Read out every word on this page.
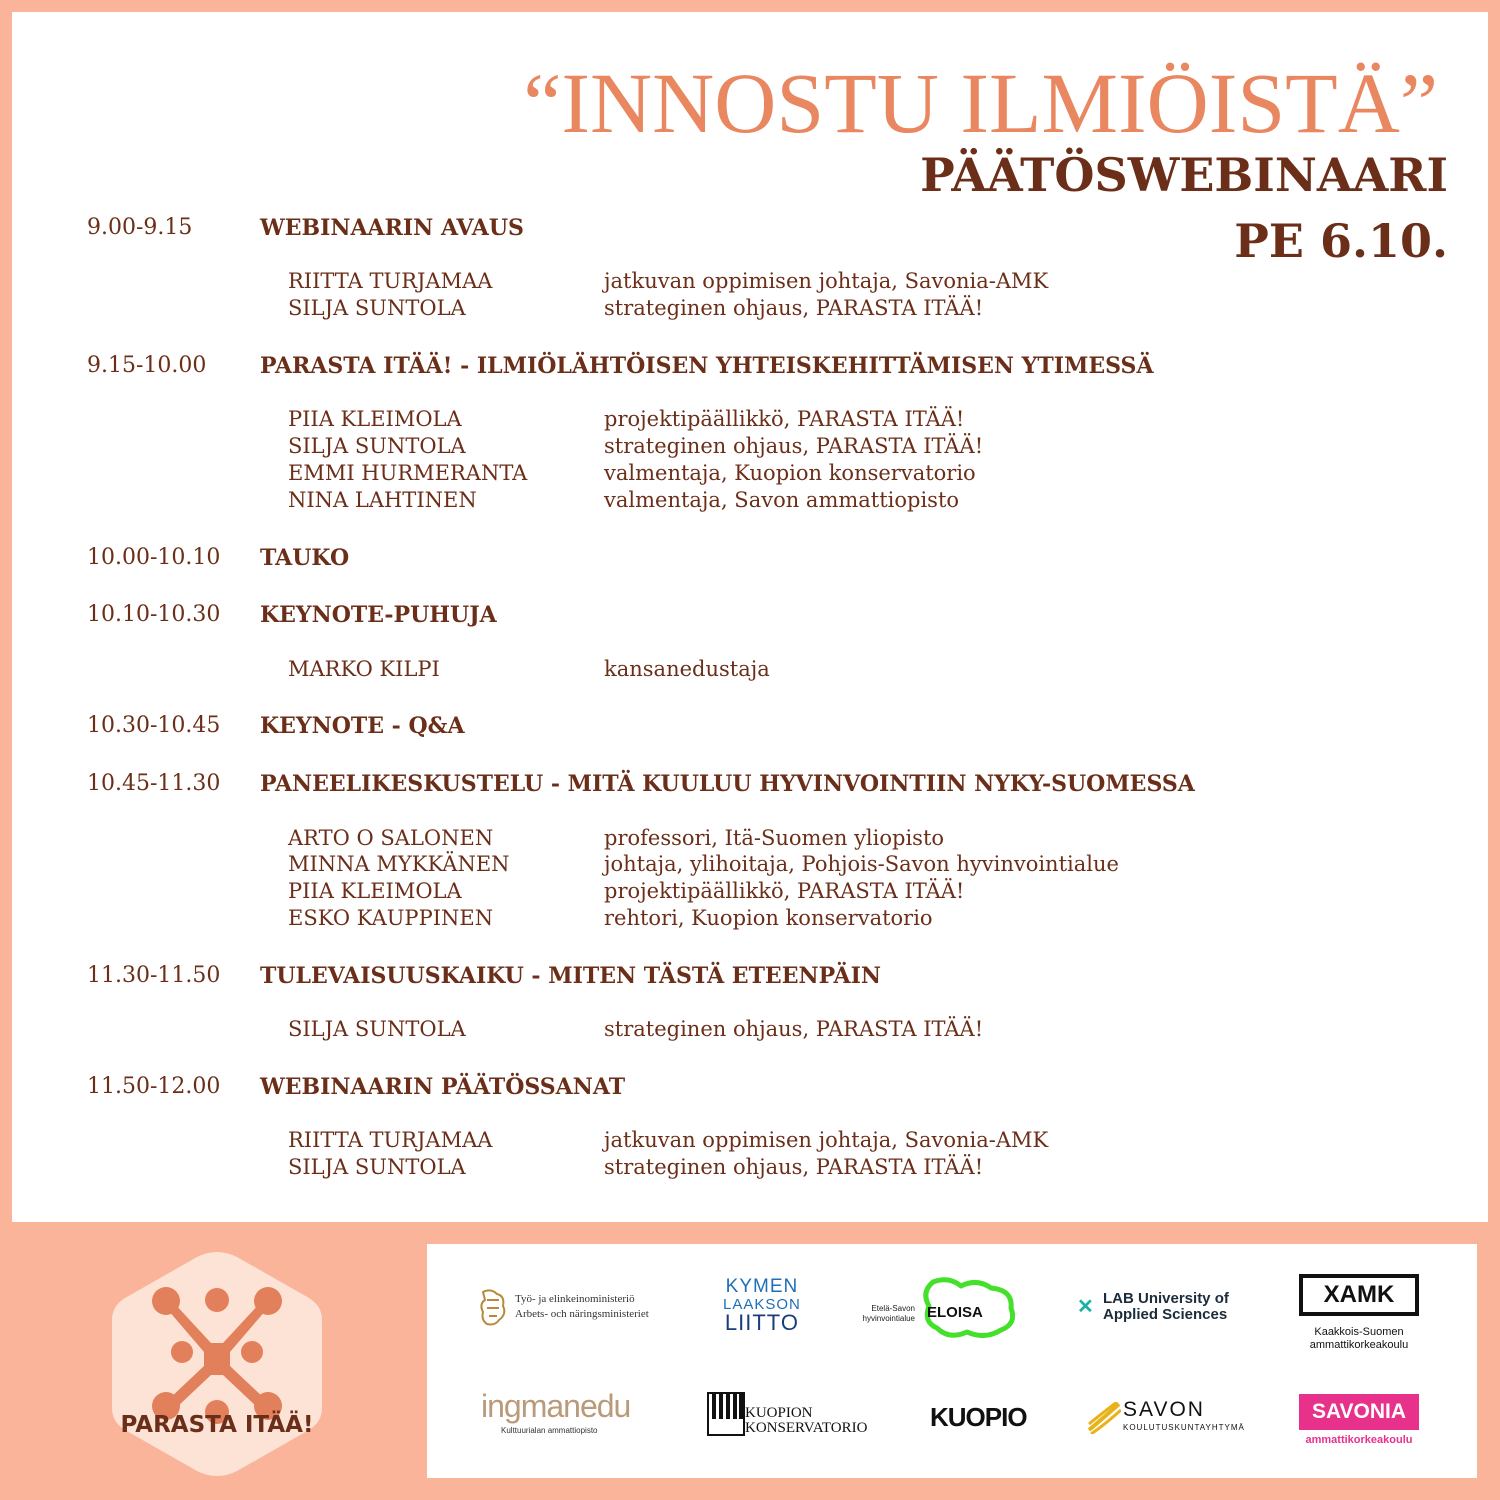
“INNOSTU ILMIÖISTÄ”
PÄÄTÖSWEBINAARI
PE 6.10.
9.00-9.15	WEBINAARIN AVAUS
RIITTA TURJAMAA	jatkuvan oppimisen johtaja, Savonia-AMK
SILJA SUNTOLA	strateginen ohjaus, PARASTA ITÄÄ!
9.15-10.00 PARASTA ITÄÄ! - ILMIÖLÄHTÖISEN YHTEISKEHITTÄMISEN YTIMESSÄ
PIIA KLEIMOLA	projektipäällikkö, PARASTA ITÄÄ!
SILJA SUNTOLA	strateginen ohjaus, PARASTA ITÄÄ!
EMMI HURMERANTA	valmentaja, Kuopion konservatorio
NINA LAHTINEN	valmentaja, Savon ammattiopisto
10.00-10.10 TAUKO
10.10-10.30 KEYNOTE-PUHUJA
MARKO KILPI	kansanedustaja
10.30-10.45 KEYNOTE - Q&A
10.45-11.30 PANEELIKESKUSTELU - MITÄ KUULUU HYVINVOINTIIN NYKY-SUOMESSA
ARTO O SALONEN	professori, Itä-Suomen yliopisto
MINNA MYKKÄNEN	johtaja, ylihoitaja, Pohjois-Savon hyvinvointialue
PIIA KLEIMOLA	projektipäällikkö, PARASTA ITÄÄ!
ESKO KAUPPINEN	rehtori, Kuopion konservatorio
11.30-11.50 TULEVAISUUSKAIKU - MITEN TÄSTÄ ETEENPÄIN
SILJA SUNTOLA	strateginen ohjaus, PARASTA ITÄÄ!
11.50-12.00 WEBINAARIN PÄÄTÖSSANAT
RIITTA TURJAMAA	jatkuvan oppimisen johtaja, Savonia-AMK
SILJA SUNTOLA	strateginen ohjaus, PARASTA ITÄÄ!
PARASTA ITÄÄ!
Työ- ja elinkeinoministeriö
Arbets- och näringsministeriet
KYMEN
LAAKSON
LIITTO
Etelä-Savon
hyvinvointialue ELOISA	✕ LAB University of
Applied Sciences
XAMK
Kaakkois-Suomen
ammattikorkeakoulu
ingmanedu
Kulttuurialan ammattiopisto
KUOPION
KONSERVATORIO KUOPIO	SAVON
KOULUTUSKUNTAYHTYMÄ
SAVONIA
ammattikorkeakoulu
